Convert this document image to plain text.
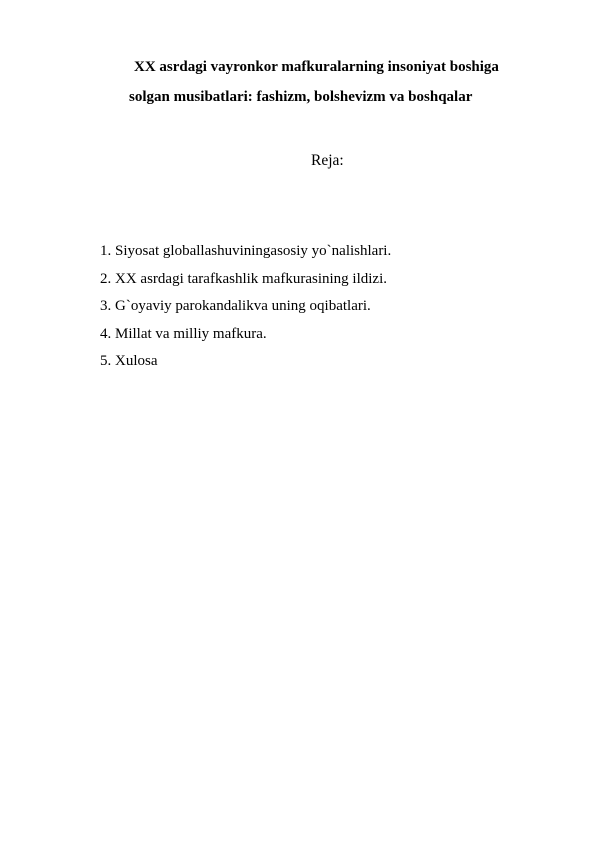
XX asrdagi vayronkor mafkuralarning insoniyat boshiga
solgan musibatlari: fashizm, bolshevizm va boshqalar
Reja:
1. Siyosat globallashuviningasosiy yo`nalishlari.
2. XX asrdagi tarafkashlik mafkurasining ildizi.
3. G`oyaviy parokandalikva uning oqibatlari.
4. Millat va milliy mafkura.
5. Xulosa
